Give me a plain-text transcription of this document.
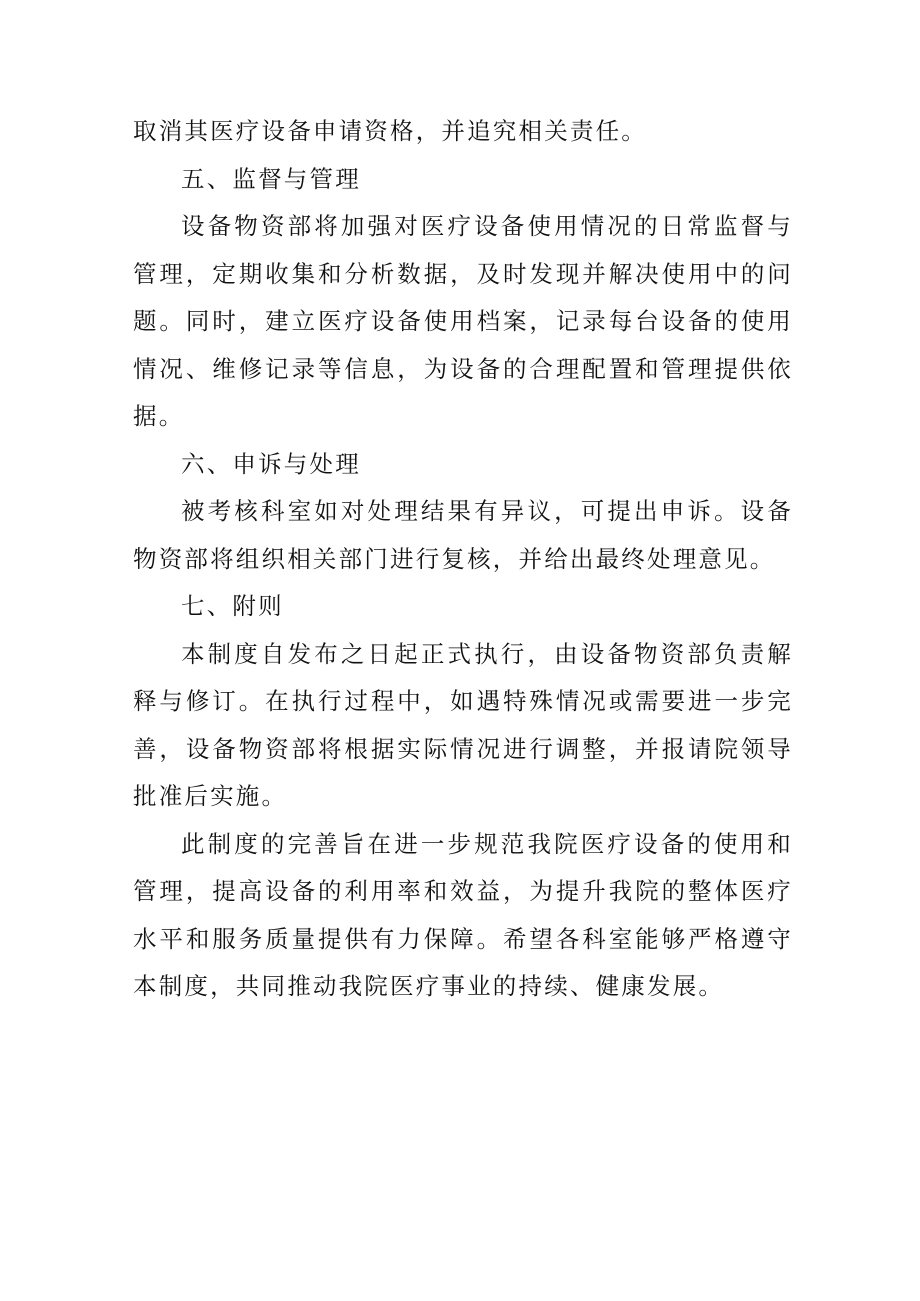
取消其医疗设备申请资格，并追究相关责任。

五、监督与管理

设备物资部将加强对医疗设备使用情况的日常监督与管理，定期收集和分析数据，及时发现并解决使用中的问题。同时，建立医疗设备使用档案，记录每台设备的使用情况、维修记录等信息，为设备的合理配置和管理提供依据。

六、申诉与处理

被考核科室如对处理结果有异议，可提出申诉。设备物资部将组织相关部门进行复核，并给出最终处理意见。

七、附则

本制度自发布之日起正式执行，由设备物资部负责解释与修订。在执行过程中，如遇特殊情况或需要进一步完善，设备物资部将根据实际情况进行调整，并报请院领导批准后实施。

此制度的完善旨在进一步规范我院医疗设备的使用和管理，提高设备的利用率和效益，为提升我院的整体医疗水平和服务质量提供有力保障。希望各科室能够严格遵守本制度，共同推动我院医疗事业的持续、健康发展。
